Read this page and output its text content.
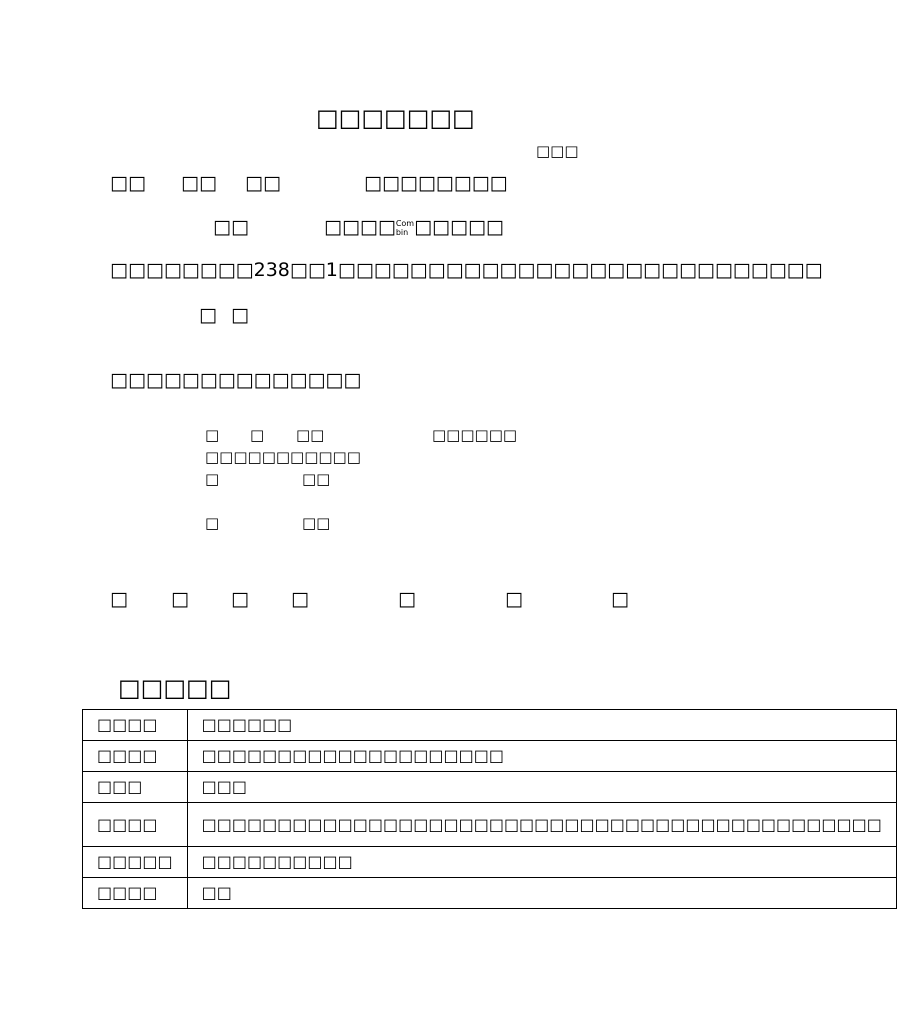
□□□□□□□
□□□
□□ □□ □□	□□□□□□□□
□□	□□□□Com
bin □□□□□
□□□□□□□□238□□1□□□□□□□□□□□□□□□□□□□□□□□□□□□
□ □
□□□□□□□□□□□□□□
□ □ □□	□□□□□□
□□□□□□□□□□□
□	□□
□	□□
□ □ □ □	□	□	□
□□□□□
□□□□	□□□□□□
□□□□	□□□□□□□□□□□□□□□□□□□□
□□□	□□□
□□□□	□□□□□□□□□□□□□□□□□□□□□□□□□□□□□□□□□□□□□□□□□□□□□
□□□□□	□□□□□□□□□□
□□□□	□□
